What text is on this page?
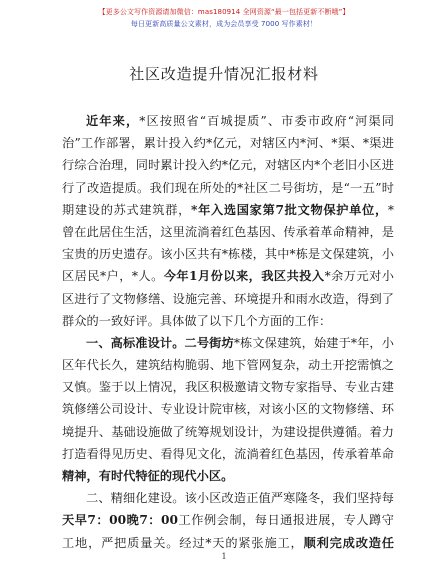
【更多公文写作资源请加微信：mas180914 全网资源“最一包括更新不断哦”】
每日更新高质量公文素材，成为会员享受 7000 写作素材！
社区改造提升情况汇报材料
近年来，*区按照省“百城提质”、市委市政府“河渠同
治”工作部署，累计投入约*亿元，对辖区内*河、*渠、*渠进
行综合治理，同时累计投入约*亿元，对辖区内*个老旧小区进
行了改造提质。我们现在所处的*社区二号街坊，是“一五”时
期建设的苏式建筑群，*年入选国家第7批文物保护单位，*
曾在此居住生活，这里流淌着红色基因、传承着革命精神，是
宝贵的历史遗存。该小区共有*栋楼，其中*栋是文保建筑，小
区居民*户，*人。今年1月份以来，我区共投入*余万元对小
区进行了文物修缮、设施完善、环境提升和雨水改造，得到了
群众的一致好评。具体做了以下几个方面的工作：
一、高标准设计。二号街坊*栋文保建筑，始建于*年，小
区年代长久，建筑结构脆弱、地下管网复杂，动土开挖需慎之
又慎。鉴于以上情况，我区积极邀请文物专家指导、专业古建
筑修缮公司设计、专业设计院审核，对该小区的文物修缮、环
境提升、基础设施做了统筹规划设计，为建设提供遵循。着力
打造看得见历史、看得见文化，流淌着红色基因，传承着革命
精神，有时代特征的现代小区。
二、精细化建设。该小区改造正值严寒隆冬，我们坚持每
天早7：00晚7：00工作例会制，每日通报进展，专人蹲守
工地，严把质量关。经过*天的紧张施工，顺利完成改造任
1
